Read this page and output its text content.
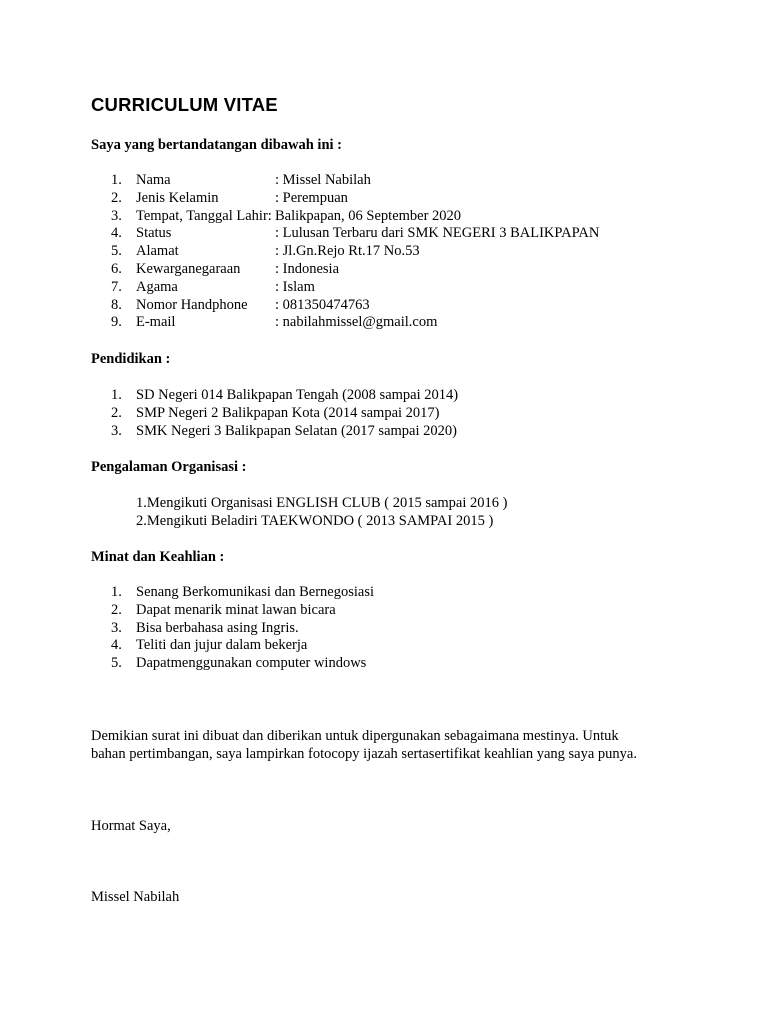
CURRICULUM VITAE
Saya yang bertandatangan dibawah ini :
1. Nama	: Missel Nabilah
2. Jenis Kelamin	: Perempuan
3. Tempat, Tanggal Lahir: Balikpapan, 06 September 2020
4. Status	: Lulusan Terbaru dari SMK NEGERI 3 BALIKPAPAN
5. Alamat	: Jl.Gn.Rejo Rt.17 No.53
6. Kewarganegaraan : Indonesia
7. Agama	: Islam
8. Nomor Handphone : 081350474763
9. E-mail	: nabilahmissel@gmail.com
Pendidikan :
1. SD Negeri 014 Balikpapan Tengah (2008 sampai 2014)
2. SMP Negeri 2 Balikpapan Kota (2014 sampai 2017)
3. SMK Negeri 3 Balikpapan Selatan (2017 sampai 2020)
Pengalaman Organisasi :
1.Mengikuti Organisasi ENGLISH CLUB ( 2015 sampai 2016 )
2.Mengikuti Beladiri TAEKWONDO ( 2013 SAMPAI 2015 )
Minat dan Keahlian :
1. Senang Berkomunikasi dan Bernegosiasi
2. Dapat menarik minat lawan bicara
3. Bisa berbahasa asing Ingris.
4. Teliti dan jujur dalam bekerja
5. Dapatmenggunakan computer windows
Demikian surat ini dibuat dan diberikan untuk dipergunakan sebagaimana mestinya. Untuk
bahan pertimbangan, saya lampirkan fotocopy ijazah sertasertifikat keahlian yang saya punya.
Hormat Saya,
Missel Nabilah
